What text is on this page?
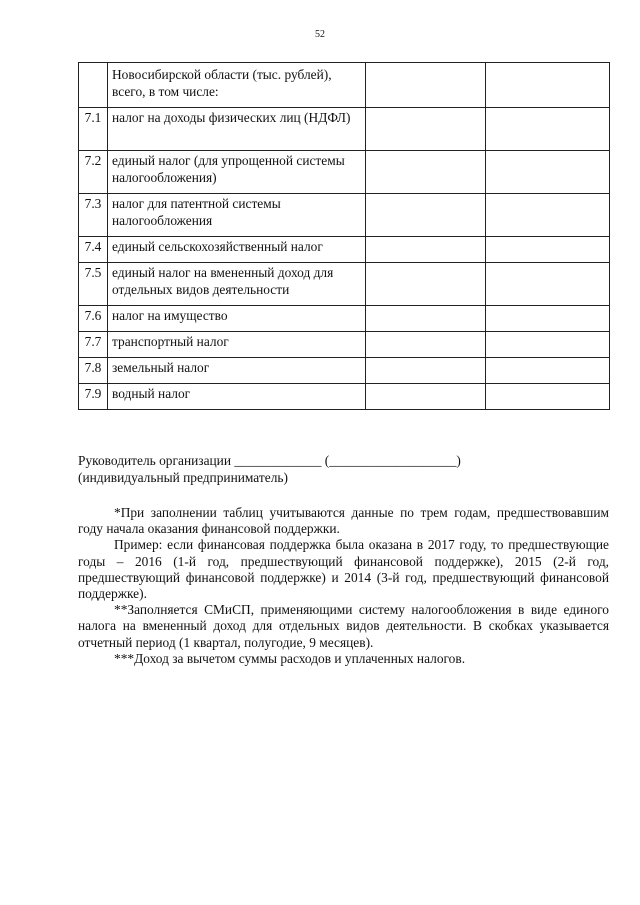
52
	Новосибирской области (тыс. рублей), всего, в том числе:		
7.1	налог на доходы физических лиц (НДФЛ)		
7.2	единый налог (для упрощенной системы налогообложения)		
7.3	налог для патентной системы налогообложения		
7.4	единый сельскохозяйственный налог		
7.5	единый налог на вмененный доход для отдельных видов деятельности		
7.6	налог на имущество		
7.7	транспортный налог		
7.8	земельный налог		
7.9	водный налог		
Руководитель организации _____________ (___________________)
(индивидуальный предприниматель)

*При заполнении таблиц учитываются данные по трем годам, предшествовавшим году начала оказания финансовой поддержки.

Пример: если финансовая поддержка была оказана в 2017 году, то предшествующие годы – 2016 (1-й год, предшествующий финансовой поддержке), 2015 (2-й год, предшествующий финансовой поддержке) и 2014 (3-й год, предшествующий финансовой поддержке).

**Заполняется СМиСП, применяющими систему налогообложения в виде единого налога на вмененный доход для отдельных видов деятельности. В скобках указывается отчетный период (1 квартал, полугодие, 9 месяцев).

***Доход за вычетом суммы расходов и уплаченных налогов.
